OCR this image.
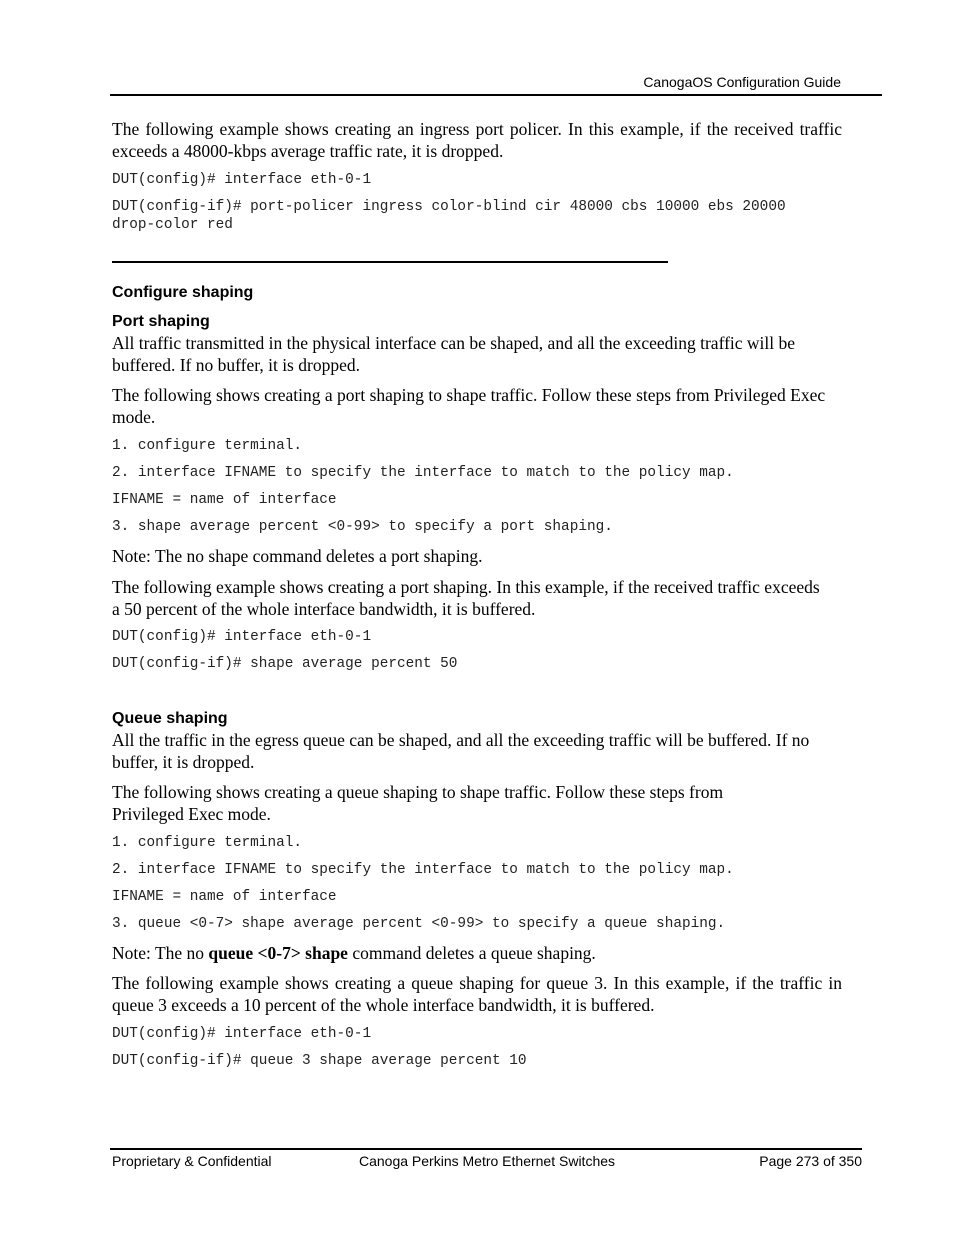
CanogaOS Configuration Guide

The following example shows creating an ingress port policer. In this example, if the received traffic exceeds a 48000-kbps average traffic rate, it is dropped.

DUT(config)# interface eth-0-1
DUT(config-if)# port-policer ingress color-blind cir 48000 cbs 10000 ebs 20000
drop-color red
Configure shaping
Port shaping

All traffic transmitted in the physical interface can be shaped, and all the exceeding traffic will be buffered. If no buffer, it is dropped.

The following shows creating a port shaping to shape traffic. Follow these steps from Privileged Exec mode.

1. configure terminal.
2. interface IFNAME to specify the interface to match to the policy map.
IFNAME = name of interface
3. shape average percent <0-99> to specify a port shaping.

Note: The no shape command deletes a port shaping.

The following example shows creating a port shaping. In this example, if the received traffic exceeds a 50 percent of the whole interface bandwidth, it is buffered.

DUT(config)# interface eth-0-1
DUT(config-if)# shape average percent 50
Queue shaping

All the traffic in the egress queue can be shaped, and all the exceeding traffic will be buffered. If no buffer, it is dropped.

The following shows creating a queue shaping to shape traffic. Follow these steps from Privileged Exec mode.

1. configure terminal.
2. interface IFNAME to specify the interface to match to the policy map.
IFNAME = name of interface
3. queue <0-7> shape average percent <0-99> to specify a queue shaping.

Note: The no queue <0-7> shape command deletes a queue shaping.

The following example shows creating a queue shaping for queue 3. In this example, if the traffic in queue 3 exceeds a 10 percent of the whole interface bandwidth, it is buffered.

DUT(config)# interface eth-0-1
DUT(config-if)# queue 3 shape average percent 10
Proprietary & Confidential	Canoga Perkins Metro Ethernet Switches	Page 273 of 350
